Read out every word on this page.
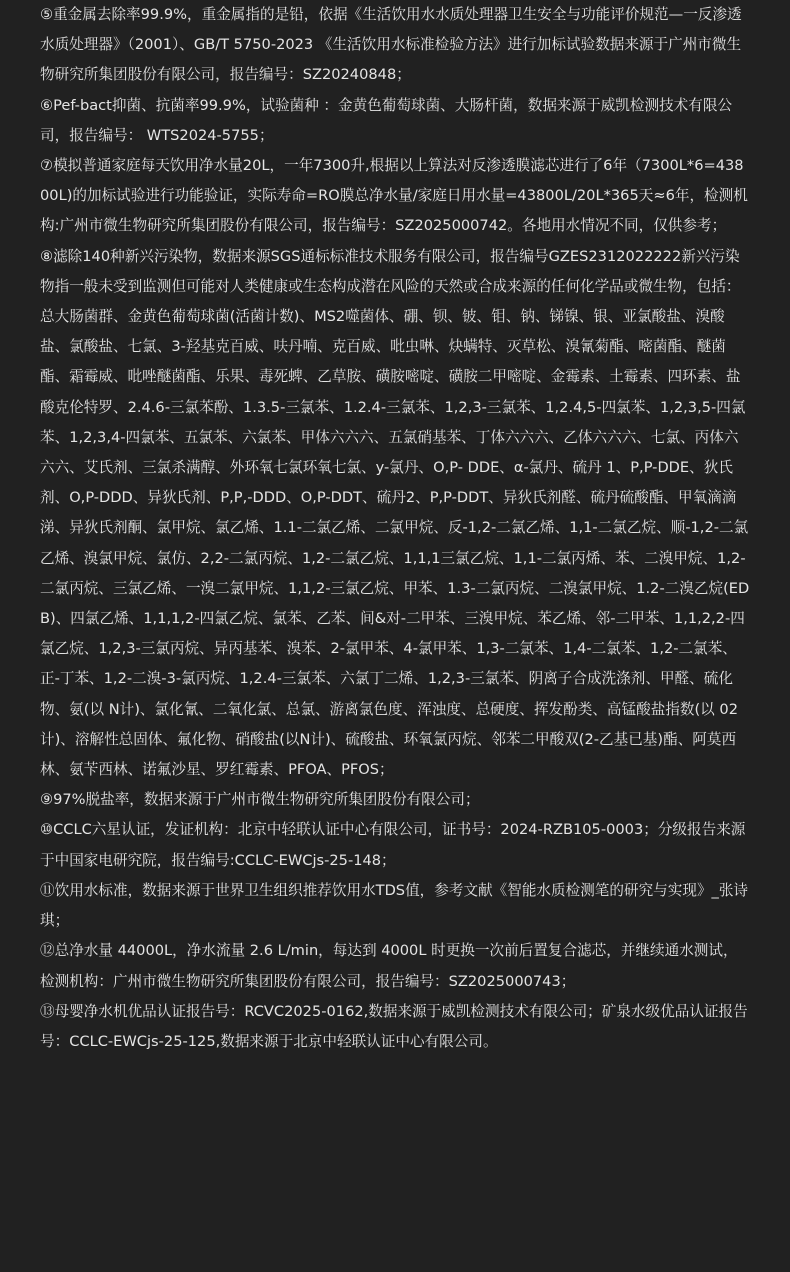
⑤重金属去除率99.9%，重金属指的是铅，依据《生活饮用水水质处理器卫生安全与功能评价规范—一反渗透水质处理器》（2001）、GB/T 5750-2023 《生活饮用水标准检验方法》进行加标试验数据来源于广州市微生物研究所集团股份有限公司，报告编号：SZ20240848；

⑥Pef-bact抑菌、抗菌率99.9%，试验菌种 ：金黄色葡萄球菌、大肠杆菌，数据来源于威凯检测技术有限公司，报告编号： WTS2024-5755；

⑦模拟普通家庭每天饮用净水量20L，一年7300升,根据以上算法对反渗透膜滤芯进行了6年（7300L*6=43800L)的加标试验进行功能验证，实际寿命=RO膜总净水量/家庭日用水量=43800L/20L*365天≈6年，检测机构:广州市微生物研究所集团股份有限公司，报告编号：SZ2025000742。各地用水情况不同，仅供参考；

⑧滤除140种新兴污染物，数据来源SGS通标标准技术服务有限公司，报告编号GZES2312022222新兴污染物指一般未受到监测但可能对人类健康或生态构成潜在风险的天然或合成来源的任何化学品或微生物，包括：总大肠菌群、金黄色葡萄球菌(活菌计数)、MS2噬菌体、硼、钡、铍、钼、钠、锑镍、银、亚氯酸盐、溴酸盐、氯酸盐、七氯、3-羟基克百威、呋丹喃、克百威、吡虫啉、炔螨特、灭草松、溴氰菊酯、嘧菌酯、醚菌酯、霜霉威、吡唑醚菌酯、乐果、毒死蜱、乙草胺、磺胺嘧啶、磺胺二甲嘧啶、金霉素、土霉素、四环素、盐酸克伦特罗、2.4.6-三氯苯酚、1.3.5-三氯苯、1.2.4-三氯苯、1,2,3-三氯苯、1,2.4,5-四氯苯、1,2,3,5-四氯苯、1,2,3,4-四氯苯、五氯苯、六氯苯、甲体六六六、五氯硝基苯、丁体六六六、乙体六六六、七氯、丙体六六六、艾氏剂、三氯杀满醇、外环氧七氯环氧七氯、y-氯丹、O,P- DDE、α-氯丹、硫丹 1、P,P-DDE、狄氏剂、O,P-DDD、异狄氏剂、P,P,-DDD、O,P-DDT、硫丹2、P,P-DDT、异狄氏剂醛、硫丹硫酸酯、甲氧滴滴涕、异狄氏剂酮、氯甲烷、氯乙烯、1.1-二氯乙烯、二氯甲烷、反-1,2-二氯乙烯、1,1-二氯乙烷、顺-1,2-二氯乙烯、溴氯甲烷、氯仿、2,2-二氯丙烷、1,2-二氯乙烷、1,1,1三氯乙烷、1,1-二氯丙烯、苯、二溴甲烷、1,2-二氯丙烷、三氯乙烯、一溴二氯甲烷、1,1,2-三氯乙烷、甲苯、1.3-二氯丙烷、二溴氯甲烷、1.2-二溴乙烷(EDB)、四氯乙烯、1,1,1,2-四氯乙烷、氯苯、乙苯、间&对-二甲苯、三溴甲烷、苯乙烯、邻-二甲苯、1,1,2,2-四氯乙烷、1,2,3-三氯丙烷、异丙基苯、溴苯、2-氯甲苯、4-氯甲苯、1,3-二氯苯、1,4-二氯苯、1,2-二氯苯、正-丁苯、1,2-二溴-3-氯丙烷、1,2.4-三氯苯、六氯丁二烯、1,2,3-三氯苯、阴离子合成洗涤剂、甲醛、硫化物、氨(以 N计)、氯化氰、二氧化氯、总氯、游离氯色度、浑浊度、总硬度、挥发酚类、高锰酸盐指数(以 02 计)、溶解性总固体、氟化物、硝酸盐(以N计)、硫酸盐、环氧氯丙烷、邻苯二甲酸双(2-乙基已基)酯、阿莫西林、氨苄西林、诺氟沙星、罗红霉素、PFOA、PFOS；

⑨97%脱盐率，数据来源于广州市微生物研究所集团股份有限公司；

⑩CCLC六星认证，发证机构：北京中轻联认证中心有限公司，证书号：2024-RZB105-0003；分级报告来源于中国家电研究院，报告编号:CCLC-EWCjs-25-148；

⑪饮用水标准，数据来源于世界卫生组织推荐饮用水TDS值，参考文献《智能水质检测笔的研究与实现》_张诗琪；

⑫总净水量 44000L，净水流量 2.6 L/min，每达到 4000L 时更换一次前后置复合滤芯，并继续通水测试，检测机构：广州市微生物研究所集团股份有限公司，报告编号：SZ2025000743；

⑬母婴净水机优品认证报告号：RCVC2025-0162,数据来源于威凯检测技术有限公司；矿泉水级优品认证报告号：CCLC-EWCjs-25-125,数据来源于北京中轻联认证中心有限公司。
